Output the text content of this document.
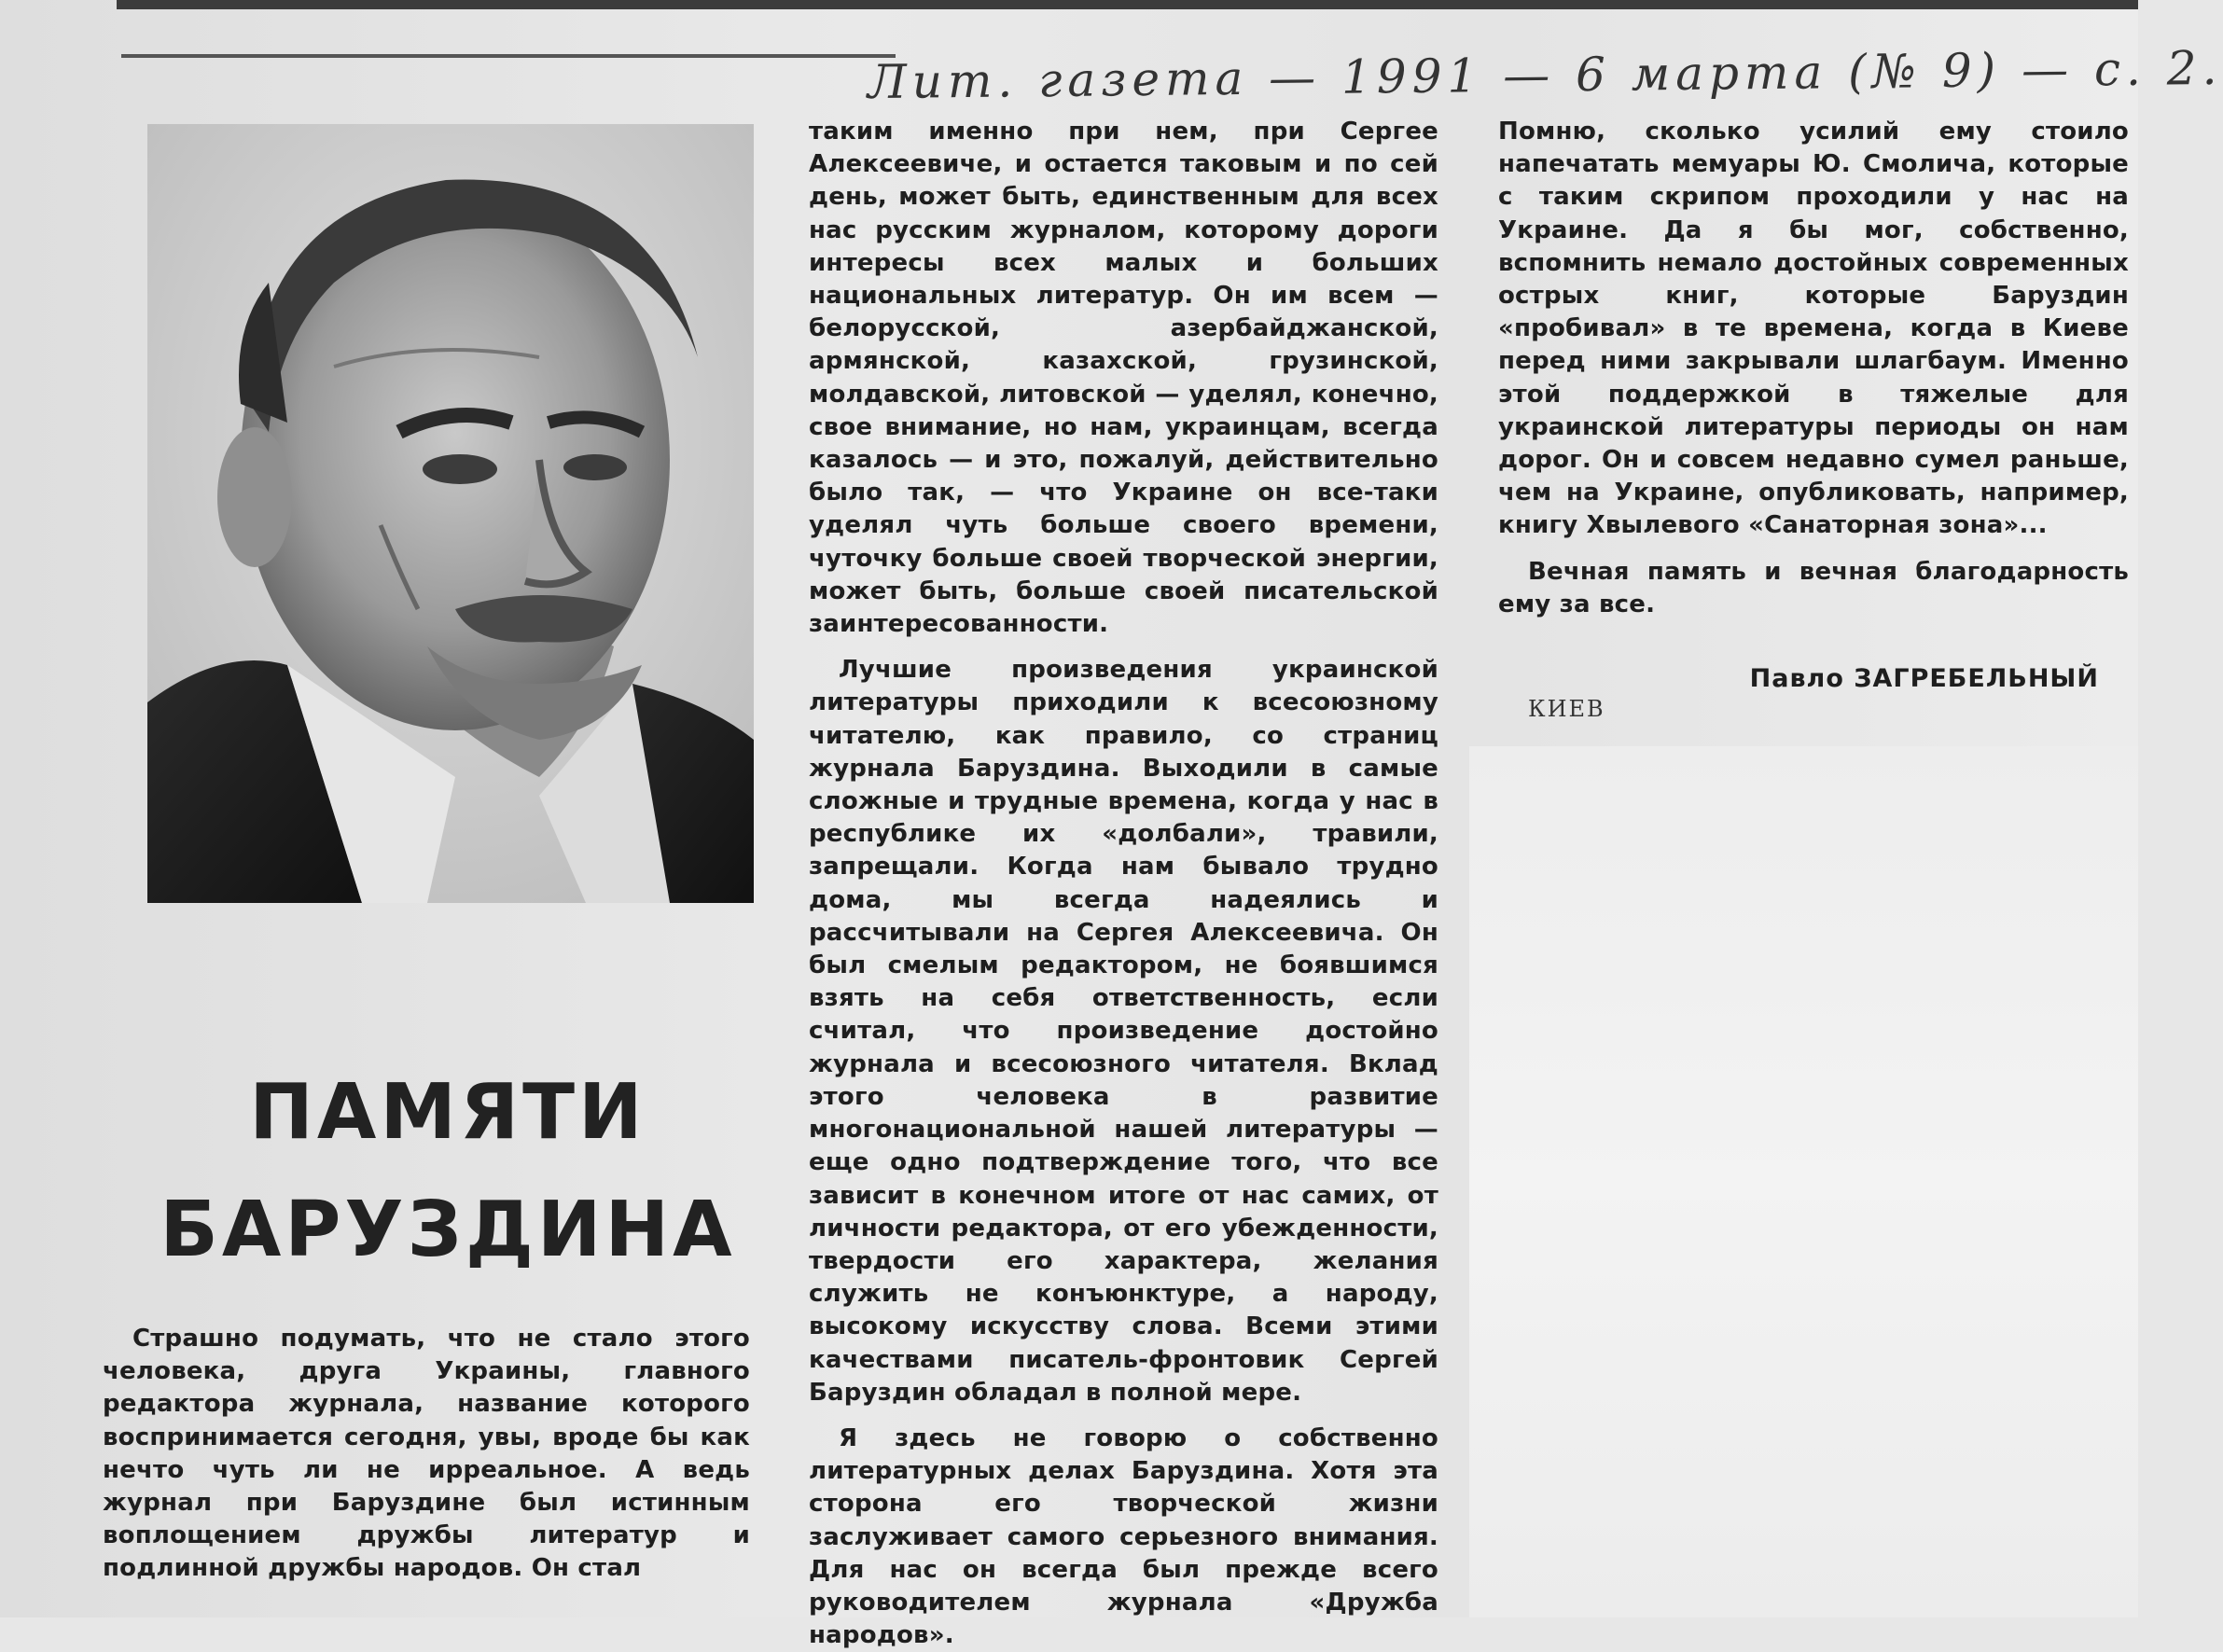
Лит. газета — 1991 — 6 марта (№ 9) — с. 2.
ПАМЯТИ
БАРУЗДИНА

Страшно подумать, что не стало этого человека, друга Украины, главного редактора журнала, название которого воспринимается сегодня, увы, вроде бы как нечто чуть ли не ирреальное. А ведь журнал при Баруздине был истинным воплощением дружбы литератур и подлинной дружбы народов. Он стал

таким именно при нем, при Сергее Алексеевиче, и остается таковым и по сей день, может быть, единственным для всех нас русским журналом, которому дороги интересы всех малых и больших национальных литератур. Он им всем — белорусской, азербайджанской, армянской, казахской, грузинской, молдавской, литовской — уделял, конечно, свое внимание, но нам, украинцам, всегда казалось — и это, пожалуй, действительно было так, — что Украине он все-таки уделял чуть больше своего времени, чуточку больше своей творческой энергии, может быть, больше своей писательской заинтересованности.

Лучшие произведения украинской литературы приходили к всесоюзному читателю, как правило, со страниц журнала Баруздина. Выходили в самые сложные и трудные времена, когда у нас в республике их «долбали», травили, запрещали. Когда нам бывало трудно дома, мы всегда надеялись и рассчитывали на Сергея Алексеевича. Он был смелым редактором, не боявшимся взять на себя ответственность, если считал, что произведение достойно журнала и всесоюзного читателя. Вклад этого человека в развитие многонациональной нашей литературы — еще одно подтверждение того, что все зависит в конечном итоге от нас самих, от личности редактора, от его убежденности, твердости его характера, желания служить не конъюнктуре, а народу, высокому искусству слова. Всеми этими качествами писатель-фронтовик Сергей Баруздин обладал в полной мере.

Я здесь не говорю о собственно литературных делах Баруздина. Хотя эта сторона его творческой жизни заслуживает самого серьезного внимания. Для нас он всегда был прежде всего руководителем журнала «Дружба народов».

Помню, сколько усилий ему стоило напечатать мемуары Ю. Смолича, которые с таким скрипом проходили у нас на Украине. Да я бы мог, собственно, вспомнить немало достойных современных острых книг, которые Баруздин «пробивал» в те времена, когда в Киеве перед ними закрывали шлагбаум. Именно этой поддержкой в тяжелые для украинской литературы периоды он нам дорог. Он и совсем недавно сумел раньше, чем на Украине, опубликовать, например, книгу Хвылевого «Санаторная зона»...

Вечная память и вечная благодарность ему за все.

Павло ЗАГРЕБЕЛЬНЫЙ
КИЕВ
